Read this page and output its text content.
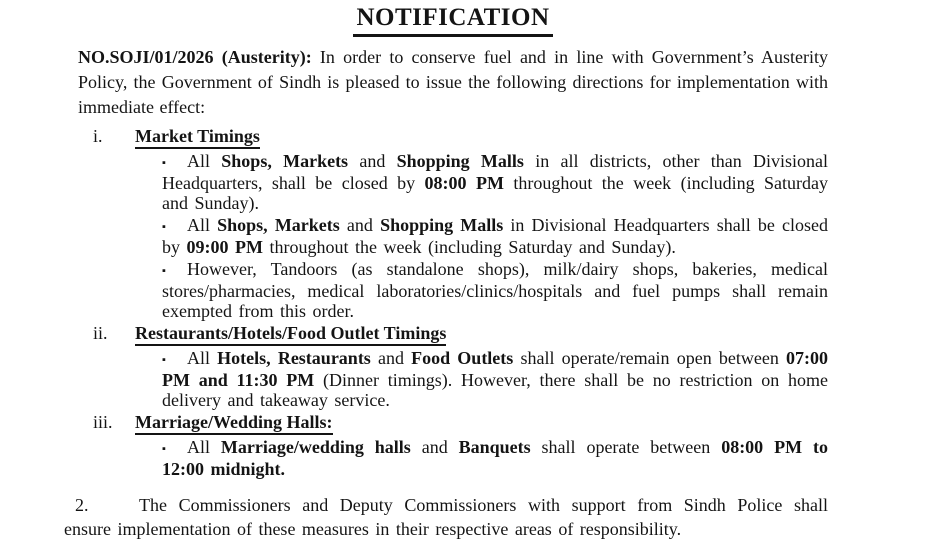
NOTIFICATION

NO.SOJI/01/2026 (Austerity): In order to conserve fuel and in line with Government’s Austerity Policy, the Government of Sindh is pleased to issue the following directions for implementation with immediate effect:

i.	Market Timings

▪ All Shops, Markets and Shopping Malls in all districts, other than Divisional Headquarters, shall be closed by 08:00 PM throughout the week (including Saturday and Sunday).

▪ All Shops, Markets and Shopping Malls in Divisional Headquarters shall be closed by 09:00 PM throughout the week (including Saturday and Sunday).

▪ However, Tandoors (as standalone shops), milk/dairy shops, bakeries, medical stores/pharmacies, medical laboratories/clinics/hospitals and fuel pumps shall remain exempted from this order.

ii.	Restaurants/Hotels/Food Outlet Timings

▪ All Hotels, Restaurants and Food Outlets shall operate/remain open between 07:00 PM and 11:30 PM (Dinner timings). However, there shall be no restriction on home delivery and takeaway service.

iii.	Marriage/Wedding Halls:

▪ All Marriage/wedding halls and Banquets shall operate between 08:00 PM to 12:00 midnight.

2.	The Commissioners and Deputy Commissioners with support from Sindh Police shall ensure implementation of these measures in their respective areas of responsibility.
